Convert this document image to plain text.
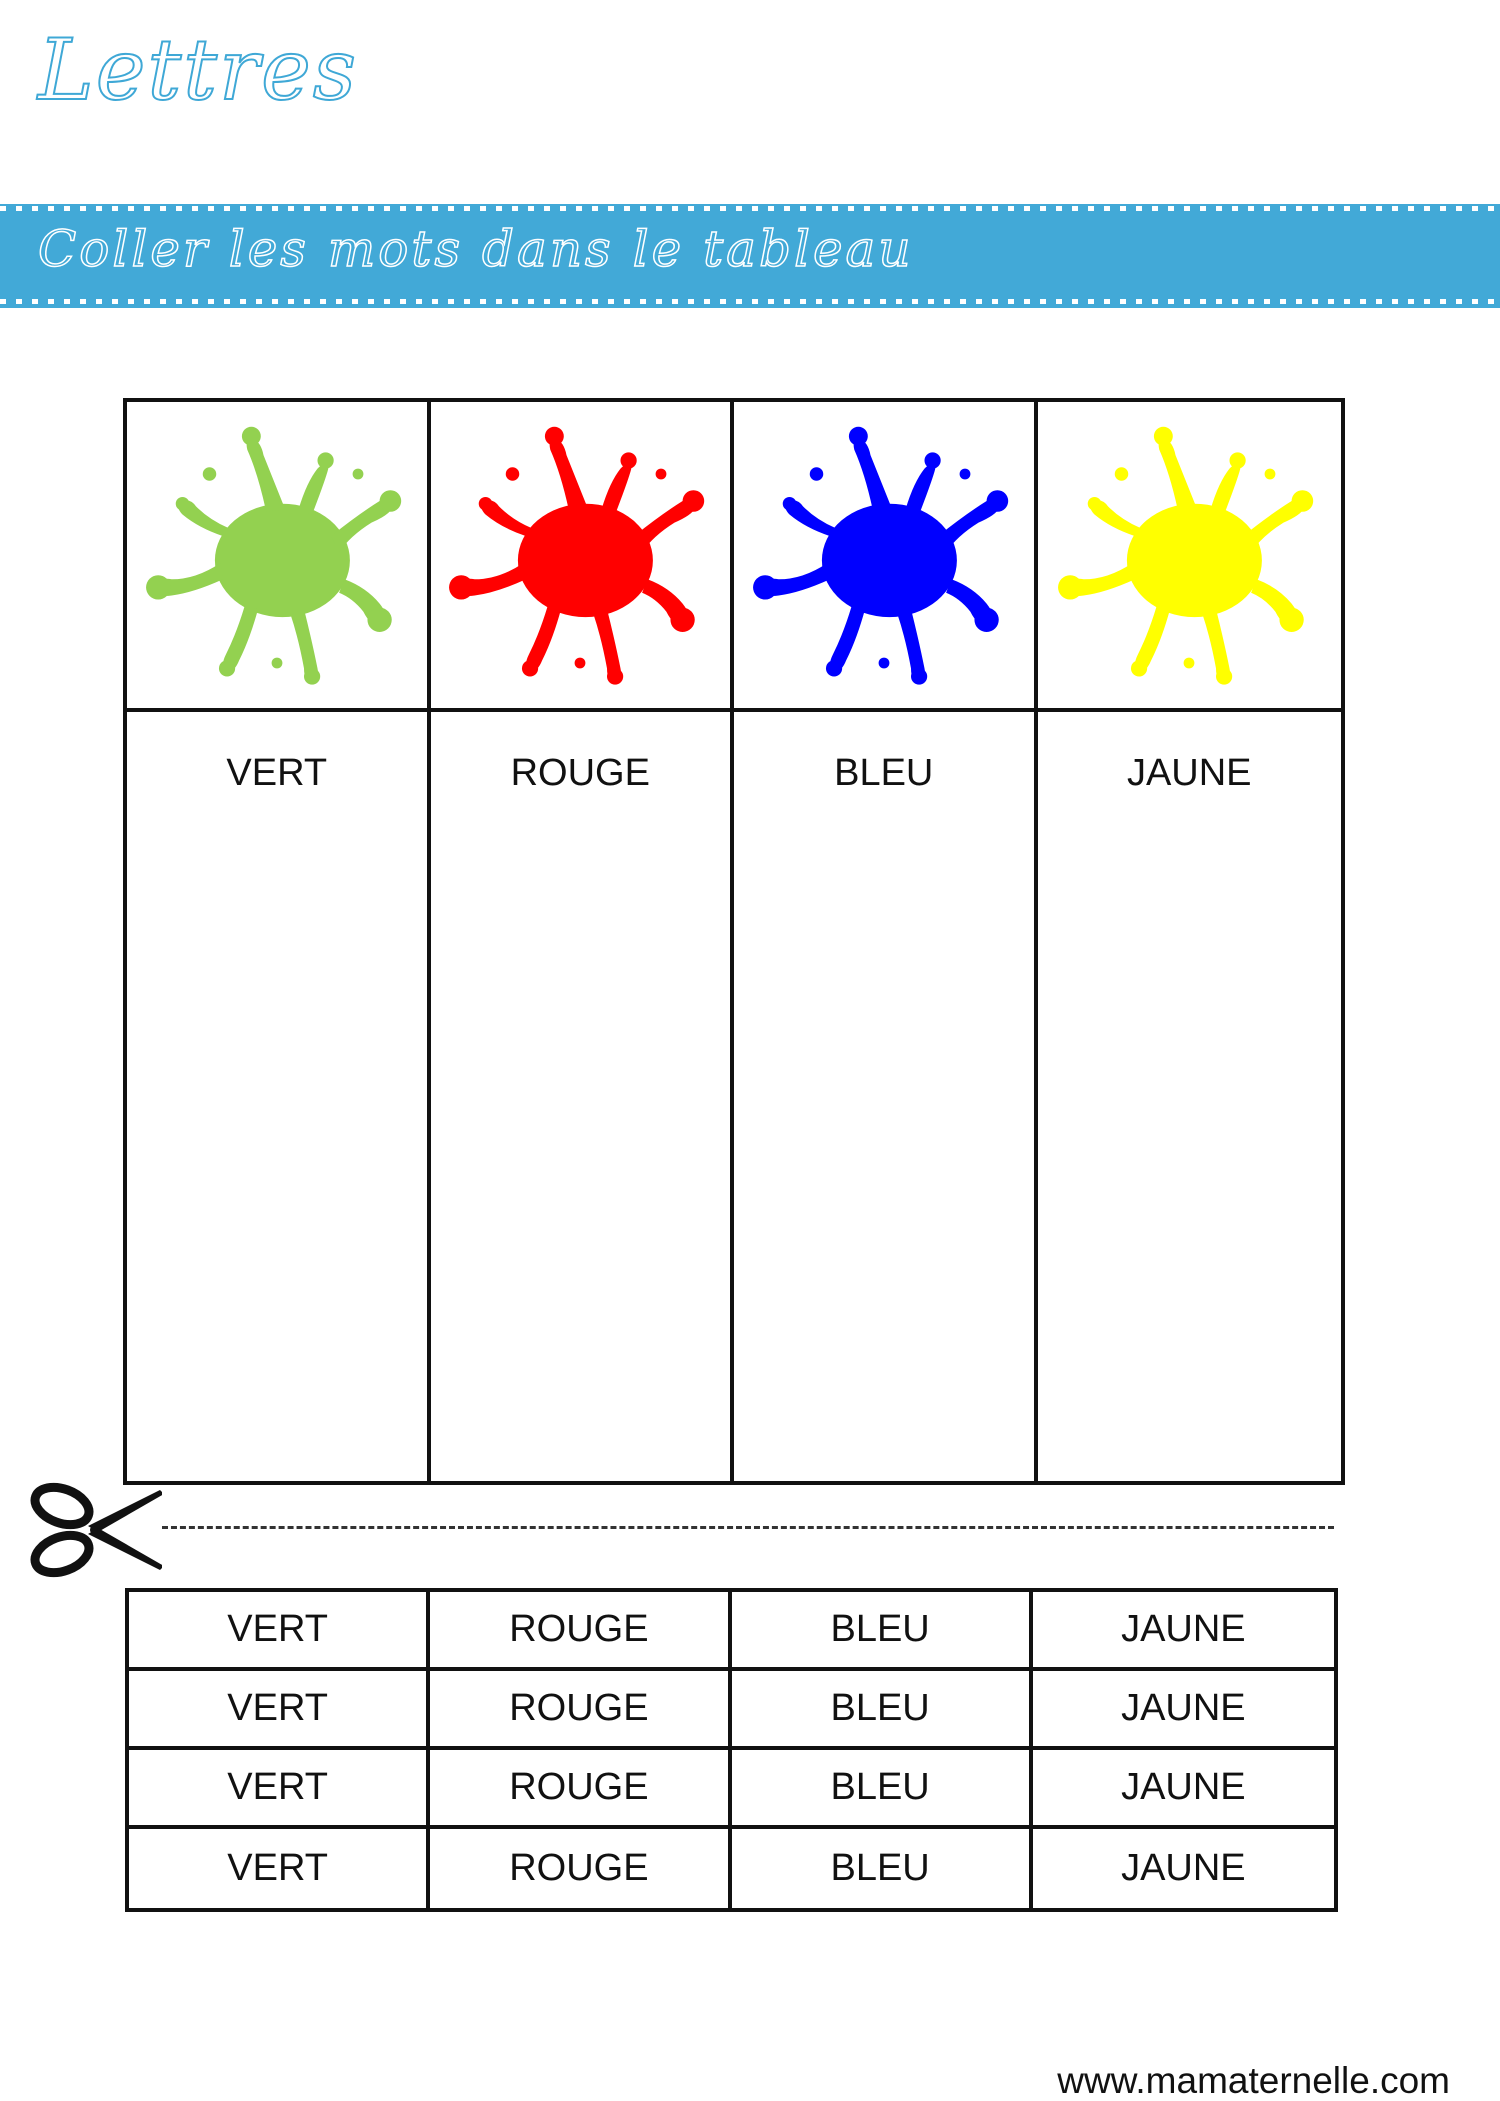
Lettres
Coller les mots dans le tableau
VERT	ROUGE	BLEU	JAUNE
VERT	ROUGE	BLEU	JAUNE
VERT	ROUGE	BLEU	JAUNE
VERT	ROUGE	BLEU	JAUNE
VERT	ROUGE	BLEU	JAUNE
www.mamaternelle.com
